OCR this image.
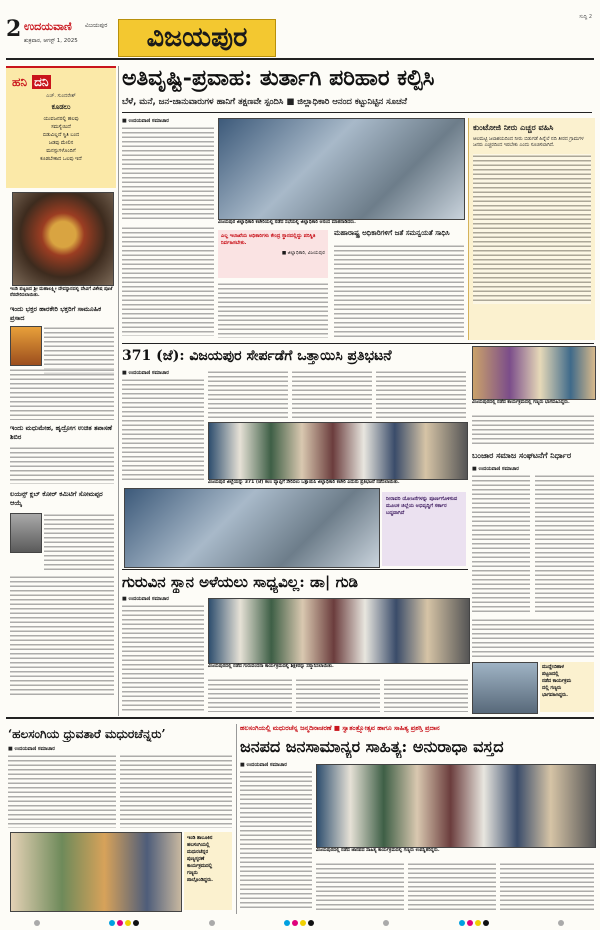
2 ಉದಯವಾಣಿ ವಿಜಯಪುರ
ಶುಕ್ರವಾರ, ಆಗಸ್ಟ್ 1, 2025	ವಿಜಯಪುರ
ಸುದ್ದಿ 2
ಹನಿ ದನಿ
ಎಚ್. ಸುಂದರೇಶ್
ಕೂಡಲು
ಯುವಜನರಲ್ಲಿ ಹಲವು
ಸಮಸ್ಯೆಯಿದೆ
ಬಿಡುವಿಲ್ಲದೆ ಸ್ಥಿತಿ ಬಂದ
ಜಡವು ಮೇಲಿನ
ಮನಸ್ಸುಗಳೊಂದಿಗೆ
ಕೂಡಬೇಕಾದ ಒಲವು ಇದೆ
ಇಂಡಿ ಪಟ್ಟಣದ ಶ್ರೀ ಮಹಾಲಕ್ಷ್ಮೀ ದೇವಸ್ಥಾನದಲ್ಲಿ ದೇವಿಗೆ ವಿಶೇಷ ಪೂಜೆ ನೆರವೇರಿಸಲಾಯಿತು.
ಇಂದು ಭಕ್ತರ ಹಾರಕೇರಿ ಭಕ್ತರಿಗೆ ಸಾಮೂಹಿಕ ಪ್ರಸಾದ
ಇಂದು ಮಧುಮೇಹ, ಹೃದ್ರೋಗ ಉಚಿತ ತಪಾಸಣೆ ಶಿಬಿರ
ಲಯನ್ಸ್ ಕ್ಲಬ್ ಕೋರ್ ಕಮಿಟಿಗೆ ಸೋಮಪ್ಪರ ಆಯ್ಕೆ
ಅತಿವೃಷ್ಟಿ-ಪ್ರವಾಹ: ತುರ್ತಾಗಿ ಪರಿಹಾರ ಕಲ್ಪಿಸಿ
ಬೆಳೆ, ಮನೆ, ಜನ-ಜಾನುವಾರುಗಳ ಹಾನಿಗೆ ತಕ್ಷಣವೇ ಸ್ಪಂದಿಸಿ ■ ಜಿಲ್ಲಾಧಿಕಾರಿ ಆನಂದ ಕಟ್ಟುನಿಟ್ಟಿನ ಸೂಚನೆ
■ ಉದಯವಾಣಿ ಸಮಾಚಾರ
ವಿಜಯಪುರ ಜಿಲ್ಲಾಧಿಕಾರಿ ಕಚೇರಿಯಲ್ಲಿ ನಡೆದ ಸಭೆಯಲ್ಲಿ ಜಿಲ್ಲಾಧಿಕಾರಿ ಆನಂದ ಮಾತನಾಡಿದರು.
ಎಲ್ಲ ಇಲಾಖೆಯ ಅಧಿಕಾರಿಗಳು ಕೇಂದ್ರ ಸ್ಥಾನದಲ್ಲಿದ್ದು ಪರಿಸ್ಥಿತಿ ನಿರ್ವಹಿಸಬೇಕು.
■ ಜಿಲ್ಲಾಧಿಕಾರಿ, ವಿಜಯಪುರ
ಮಹಾರಾಷ್ಟ್ರ ಅಧಿಕಾರಿಗಳಿಗೆ ಜತೆ ಸಮನ್ವಯತೆ ಸಾಧಿಸಿ
ಕುಂಟೋಜಿ ನೀರು ಎಚ್ಚರ ವಹಿಸಿ
ಆಲಮಟ್ಟಿ ಜಲಾಶಯದಿಂದ ನೀರು ಬಿಡುಗಡೆ ಹಿನ್ನೆಲೆ ನದಿ ತೀರದ ಗ್ರಾಮಗಳ ಜನರು ಎಚ್ಚರದಿಂದ ಇರಬೇಕು ಎಂದು ಸೂಚಿಸಲಾಗಿದೆ.
371 (ಜೆ): ವಿಜಯಪುರ ಸೇರ್ಪಡೆಗೆ ಒತ್ತಾಯಿಸಿ ಪ್ರತಿಭಟನೆ
■ ಉದಯವಾಣಿ ಸಮಾಚಾರ
ವಿಜಯಪುರ ಜಿಲ್ಲೆಯನ್ನು 371 (ಜೆ) ಕಲಂ ವ್ಯಾಪ್ತಿಗೆ ಸೇರಿಸಲು ಒತ್ತಾಯಿಸಿ ಜಿಲ್ಲಾಧಿಕಾರಿ ಕಚೇರಿ ಎದುರು ಪ್ರತಿಭಟನೆ ನಡೆಸಲಾಯಿತು.
ನೀರಾವರಿ ಯೋಜನೆಗಳನ್ನು ಪೂರ್ಣಗೊಳಿಸುವ ಮೂಲಕ ಜಿಲ್ಲೆಯ ಅಭಿವೃದ್ಧಿಗೆ ಸರ್ಕಾರ ಬದ್ಧವಾಗಿದೆ
ವಿಜಯಪುರದಲ್ಲಿ ನಡೆದ ಕಾರ್ಯಕ್ರಮದಲ್ಲಿ ಗಣ್ಯರು ಭಾಗವಹಿಸಿದ್ದರು.
ಬಂಜಾರ ಸಮಾಜ ಸಂಘಟನೆಗೆ ನಿರ್ಧಾರ
■ ಉದಯವಾಣಿ ಸಮಾಚಾರ
ಗುರುವಿನ ಸ್ಥಾನ ಅಳೆಯಲು ಸಾಧ್ಯವಿಲ್ಲ: ಡಾ| ಗುಡಿ
■ ಉದಯವಾಣಿ ಸಮಾಚಾರ
ವಿಜಯಪುರದಲ್ಲಿ ನಡೆದ ಗುರುವಂದನಾ ಕಾರ್ಯಕ್ರಮದಲ್ಲಿ ಶಿಕ್ಷಕರನ್ನು ಸನ್ಮಾನಿಸಲಾಯಿತು.	ಮುದ್ದೇಬಿಹಾಳ
ಪಟ್ಟಣದಲ್ಲಿ
ನಡೆದ ಕಾರ್ಯಕ್ರಮ
ದಲ್ಲಿ ಗಣ್ಯರು
ಭಾಗವಹಿಸಿದ್ದರು.
‘ಹಲಸಂಗಿಯ ಧ್ರುವತಾರೆ ಮಧುರಚೆನ್ನರು’
■ ಉದಯವಾಣಿ ಸಮಾಚಾರ
ಇಂಡಿ ತಾಲೂಕಿನ
ಹಲಸಂಗಿಯಲ್ಲಿ
ಮಧುರಚೆನ್ನರ
ಪುಣ್ಯಸ್ಮರಣೆ
ಕಾರ್ಯಕ್ರಮದಲ್ಲಿ
ಗಣ್ಯರು
ಪಾಲ್ಗೊಂಡಿದ್ದರು.
ಹಲಸಂಗಿಯಲ್ಲಿ ಮಧುರಚೆನ್ನ ಜನ್ಮದಿನಾಚರಣೆ ■ ಸ್ವಾತಂತ್ರ್ಯೋತ್ಸವ ಹಾಗೂ ಸಾಹಿತ್ಯ ಪ್ರಶಸ್ತಿ ಪ್ರದಾನ
ಜನಪದ ಜನಸಾಮಾನ್ಯರ ಸಾಹಿತ್ಯ: ಅನುರಾಧಾ ವಸ್ತದ
■ ಉದಯವಾಣಿ ಸಮಾಚಾರ
ವಿಜಯಪುರದಲ್ಲಿ ನಡೆದ ಜಾನಪದ ಸಾಹಿತ್ಯ ಕಾರ್ಯಕ್ರಮದಲ್ಲಿ ಗಣ್ಯರು ಉಪಸ್ಥಿತರಿದ್ದರು.
